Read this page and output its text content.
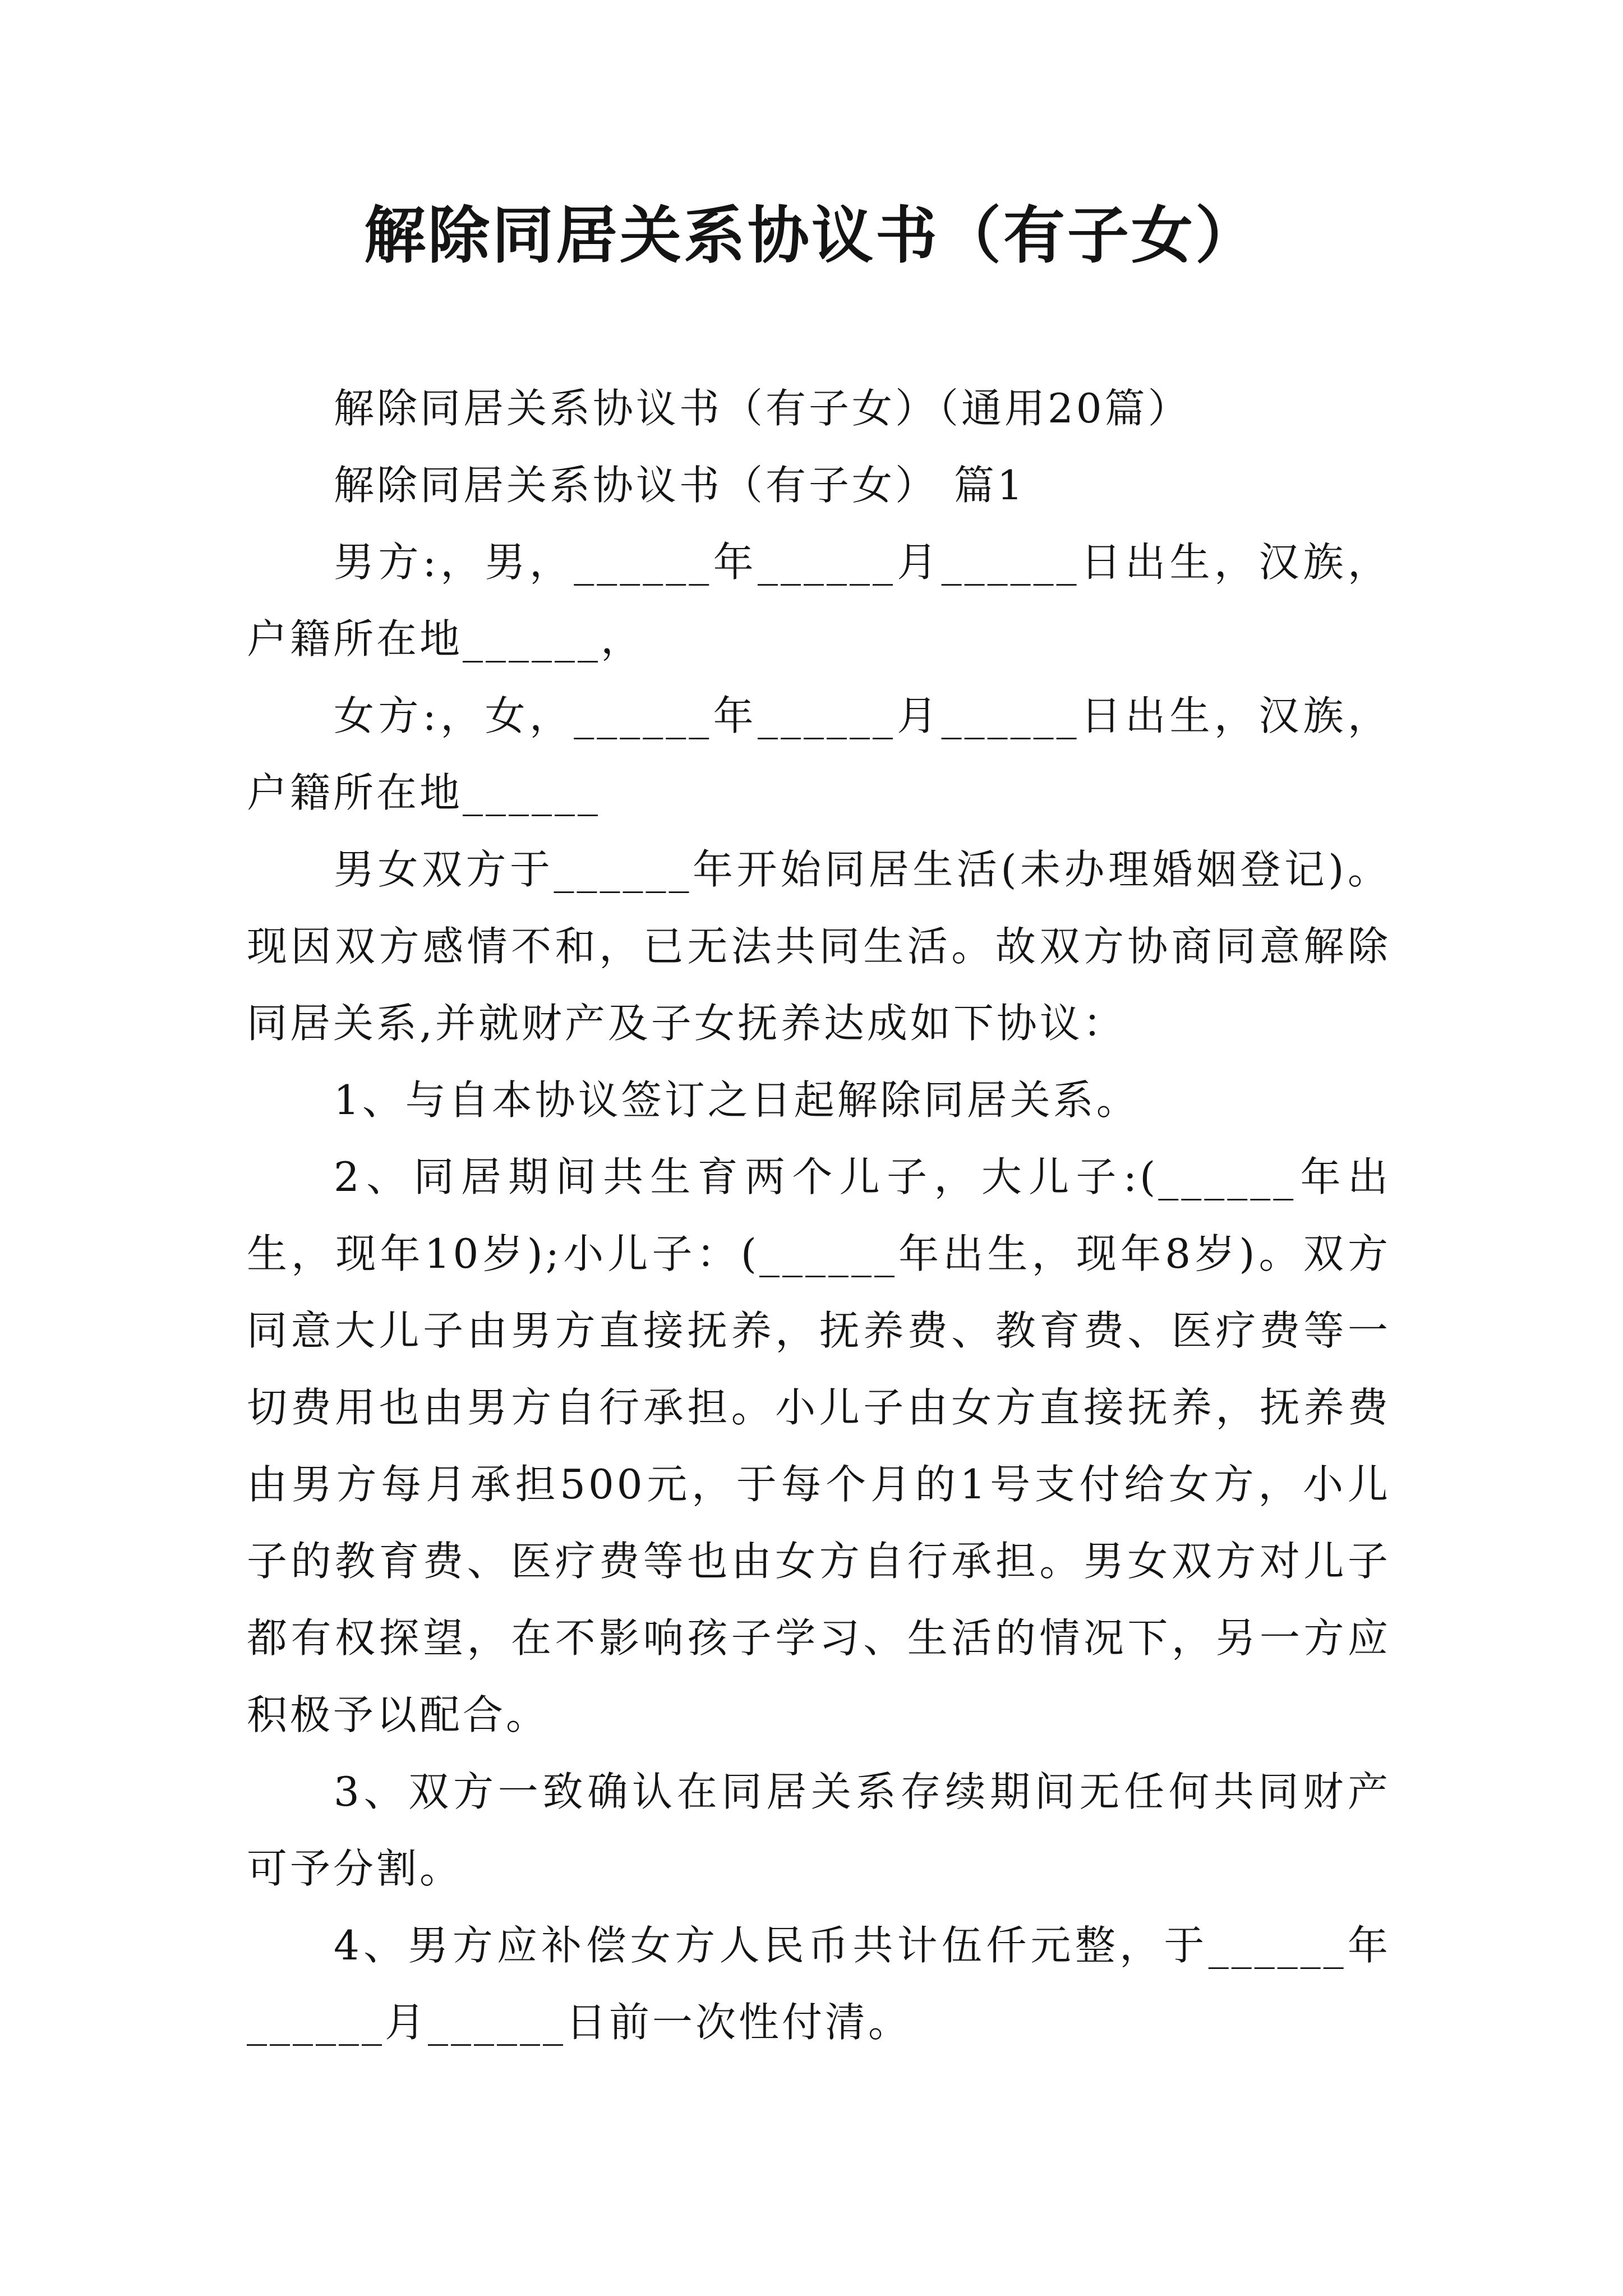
解除同居关系协议书（有子女）

解除同居关系协议书（有子女）（通用20篇）

解除同居关系协议书（有子女） 篇1

男方:，男，______年______月______日出生，汉族，户籍所在地______，

女方:，女，______年______月______日出生，汉族，户籍所在地______

男女双方于______年开始同居生活(未办理婚姻登记)。现因双方感情不和，已无法共同生活。故双方协商同意解除同居关系,并就财产及子女抚养达成如下协议：

1、与自本协议签订之日起解除同居关系。

2、同居期间共生育两个儿子，大儿子:(______年出生，现年10岁);小儿子：(______年出生，现年8岁)。双方同意大儿子由男方直接抚养，抚养费、教育费、医疗费等一切费用也由男方自行承担。小儿子由女方直接抚养，抚养费由男方每月承担500元，于每个月的1号支付给女方，小儿子的教育费、医疗费等也由女方自行承担。男女双方对儿子都有权探望，在不影响孩子学习、生活的情况下，另一方应积极予以配合。

3、双方一致确认在同居关系存续期间无任何共同财产可予分割。

4、男方应补偿女方人民币共计伍仟元整，于______年______月______日前一次性付清。
